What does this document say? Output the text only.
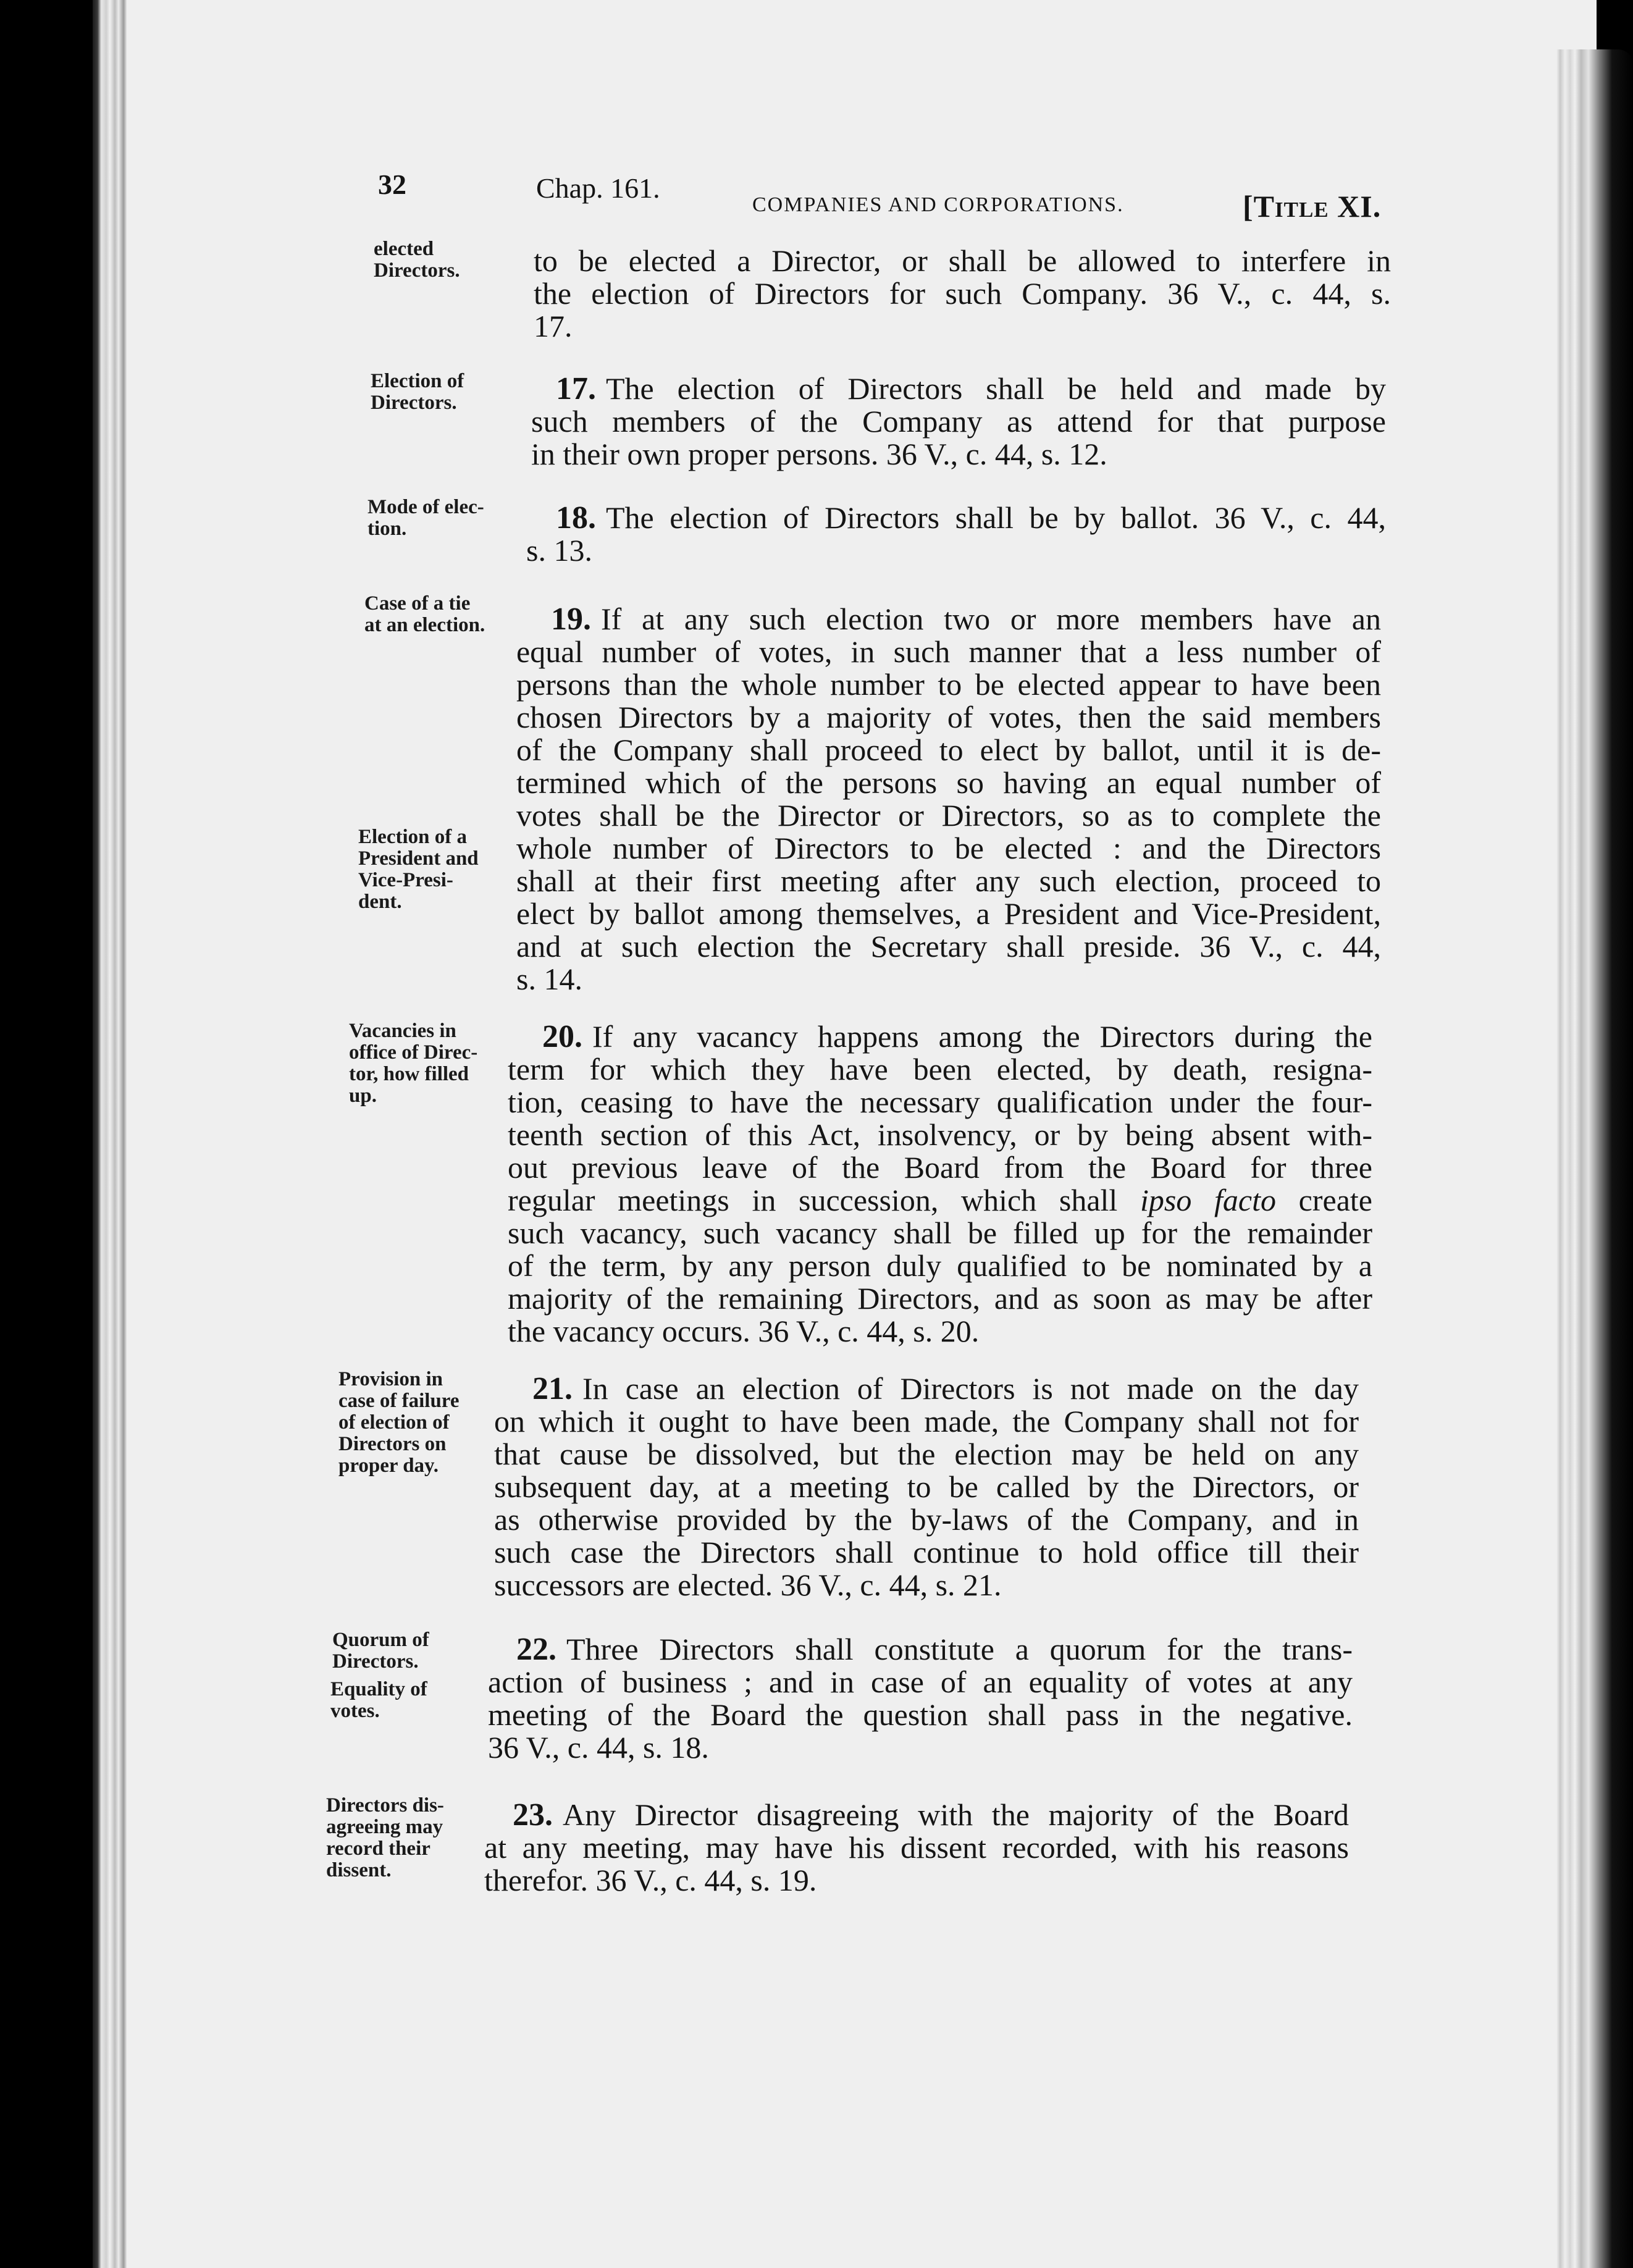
32	Chap. 161.

COMPANIES AND CORPORATIONS.	[Title XI.

elected
Directors.
Election of
Directors.
Mode of elec-
tion.
Case of a tie
at an election.
Election of a
President and
Vice-Presi-
dent.
Vacancies in
office of Direc-
tor, how filled
up.
Provision in
case of failure
of election of
Directors on
proper day.
Quorum of
Directors.
Equality of
votes.
Directors dis-
agreeing may
record their
dissent.
to be elected a Director, or shall be allowed to interfere in
the election of Directors for such Company. 36 V., c. 44, s.
17.
17. The election of Directors shall be held and made by
such members of the Company as attend for that purpose
in their own proper persons. 36 V., c. 44, s. 12.
18. The election of Directors shall be by ballot. 36 V., c. 44,
s. 13.
19. If at any such election two or more members have an
equal number of votes, in such manner that a less number of
persons than the whole number to be elected appear to have been
chosen Directors by a majority of votes, then the said members
of the Company shall proceed to elect by ballot, until it is de-
termined which of the persons so having an equal number of
votes shall be the Director or Directors, so as to complete the
whole number of Directors to be elected : and the Directors
shall at their first meeting after any such election, proceed to
elect by ballot among themselves, a President and Vice-President,
and at such election the Secretary shall preside. 36 V., c. 44,
s. 14.
20. If any vacancy happens among the Directors during the
term for which they have been elected, by death, resigna-
tion, ceasing to have the necessary qualification under the four-
teenth section of this Act, insolvency, or by being absent with-
out previous leave of the Board from the Board for three
regular meetings in succession, which shall ipso facto create
such vacancy, such vacancy shall be filled up for the remainder
of the term, by any person duly qualified to be nominated by a
majority of the remaining Directors, and as soon as may be after
the vacancy occurs. 36 V., c. 44, s. 20.
21. In case an election of Directors is not made on the day
on which it ought to have been made, the Company shall not for
that cause be dissolved, but the election may be held on any
subsequent day, at a meeting to be called by the Directors, or
as otherwise provided by the by-laws of the Company, and in
such case the Directors shall continue to hold office till their
successors are elected. 36 V., c. 44, s. 21.
22. Three Directors shall constitute a quorum for the trans-
action of business ; and in case of an equality of votes at any
meeting of the Board the question shall pass in the negative.
36 V., c. 44, s. 18.
23. Any Director disagreeing with the majority of the Board
at any meeting, may have his dissent recorded, with his reasons
therefor. 36 V., c. 44, s. 19.
